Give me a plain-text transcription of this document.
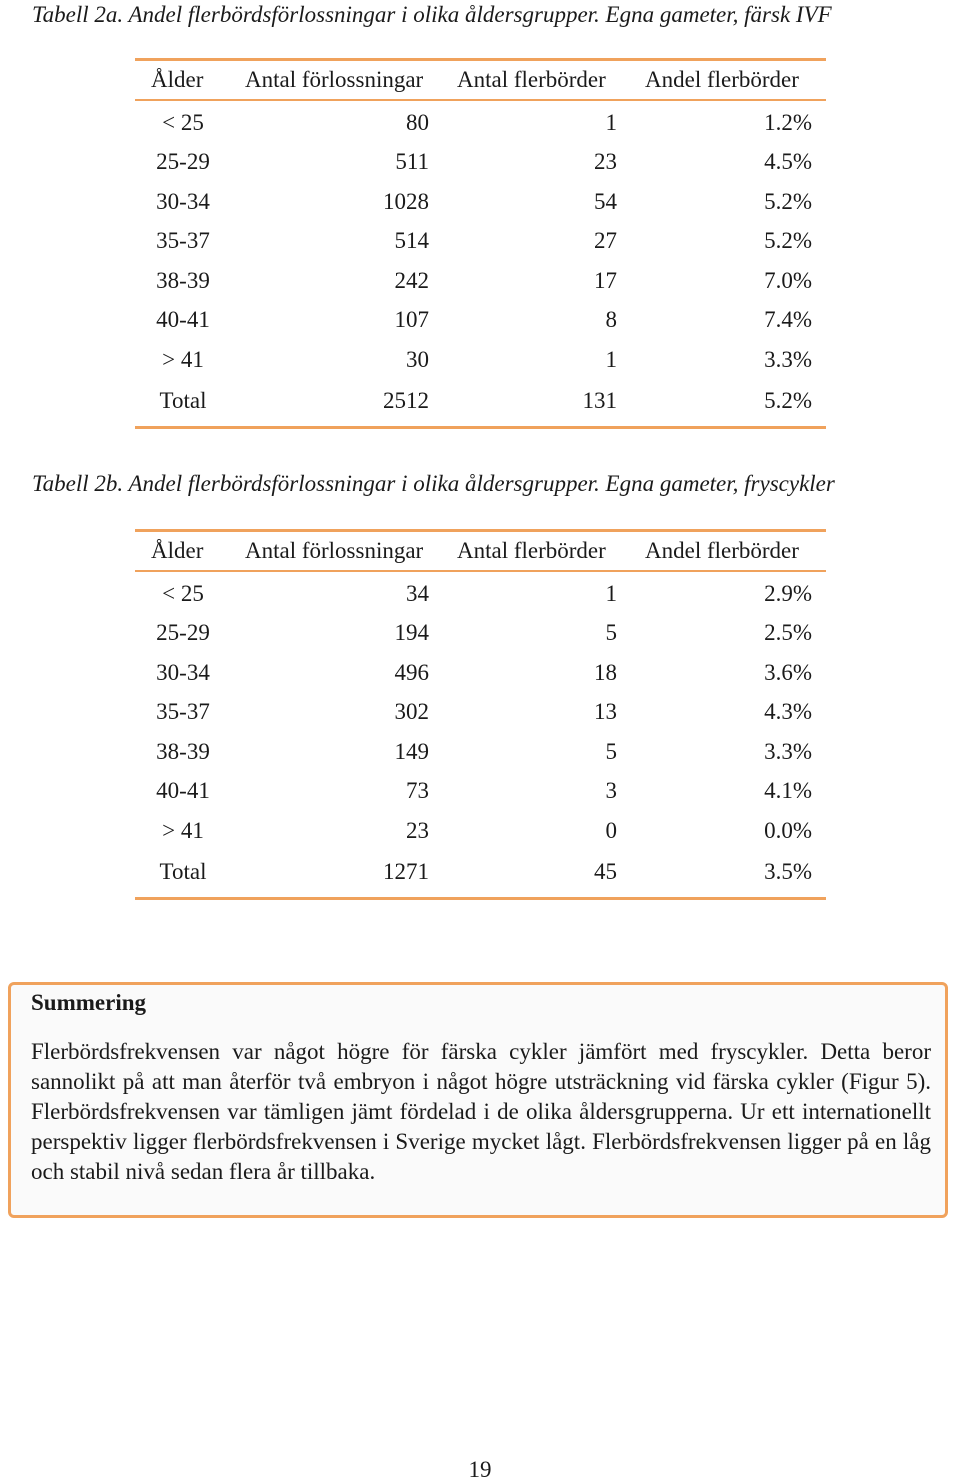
Tabell 2a. Andel flerbördsförlossningar i olika åldersgrupper. Egna gameter, färsk IVF
Ålder	Antal förlossningar	Antal flerbörder	Andel flerbörder
< 25	80	1	1.2%
25-29	511	23	4.5%
30-34	1028	54	5.2%
35-37	514	27	5.2%
38-39	242	17	7.0%
40-41	107	8	7.4%
> 41	30	1	3.3%
Total	2512	131	5.2%
Tabell 2b. Andel flerbördsförlossningar i olika åldersgrupper. Egna gameter, fryscykler
Ålder	Antal förlossningar	Antal flerbörder	Andel flerbörder
< 25	34	1	2.9%
25-29	194	5	2.5%
30-34	496	18	3.6%
35-37	302	13	4.3%
38-39	149	5	3.3%
40-41	73	3	4.1%
> 41	23	0	0.0%
Total	1271	45	3.5%
Summering
Flerbördsfrekvensen var något högre för färska cykler jämfört med fryscykler. Detta beror sannolikt på att man återför två embryon i något högre utsträckning vid färska cykler (Figur 5). Flerbördsfrekvensen var tämligen jämt fördelad i de olika åldersgrupperna. Ur ett internationellt perspektiv ligger flerbördsfrekvensen i Sverige mycket lågt. Flerbördsfrekvensen ligger på en låg och stabil nivå sedan flera år tillbaka.
19
